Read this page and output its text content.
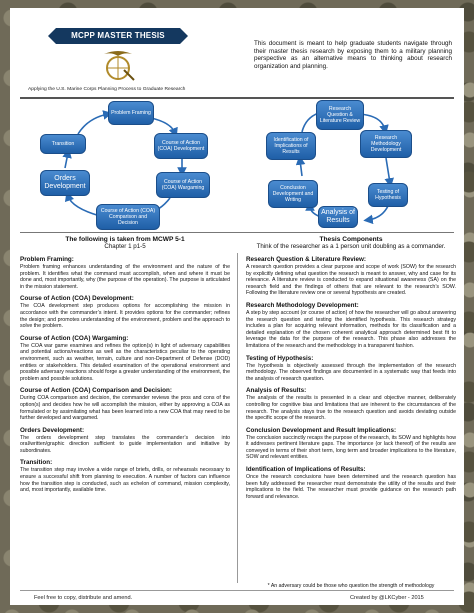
MCPP MASTER THESIS
Applying the U.S. Marine Corps Planning Process to Graduate Research
This document is meant to help graduate students navigate through their master thesis research by exposing them to a military planning perspective as an alternative means to thinking about research organization and planning.
Problem Framing
Course of Action (COA) Development
Course of Action (COA) Wargaming
Course of Action (COA) Comparison and Decision
Orders Development
Transition
Research Question & Literature Review
Research Methodology Development
Testing of Hypothesis
Analysis of Results
Conclusion Development and Writing
Identification of Implications of Results
The following is taken from MCWP 5-1
Chapter 1 p1-5
Thesis Components
Think of the researcher as a 1 person unit doubling as a commander.
Problem Framing:

Problem framing enhances understanding of the environment and the nature of the problem. It identifies what the command must accomplish, when and where it must be done and, most importantly, why (the purpose of the operation). The purpose is articulated in the mission statement.

Course of Action (COA) Development:

The COA development step produces options for accomplishing the mission in accordance with the commander’s intent. It provides options for the commander; refines the design; and promotes understanding of the environment, problem and the approach to solve the problem.

Course of Action (COA) Wargaming:

The COA war game examines and refines the option(s) in light of adversary capabilities and potential actions/reactions as well as the characteristics peculiar to the operating environment, such as weather, terrain, culture and non-Department of Defense (DOD) entities or stakeholders. This detailed examination of the operational environment and possible adversary reactions should forge a greater understanding of the environment, the problem and possible solutions.

Course of Action (COA) Comparison and Decision:

During COA comparison and decision, the commander reviews the pros and cons of the option(s) and decides how he will accomplish the mission, either by approving a COA as formulated or by assimilating what has been learned into a new COA that may need to be further developed and wargamed.

Orders Development:

The orders development step translates the commander’s decision into oral/written/graphic direction sufficient to guide implementation and initiative by subordinates.

Transition:

The transition step may involve a wide range of briefs, drills, or rehearsals necessary to ensure a successful shift from planning to execution. A number of factors can influence how the transition step is conducted, such as echelon of command, mission complexity, and, most importantly, available time.

Research Question & Literature Review:

A research question provides a clear purpose and scope of work (SOW) for the research by explicitly defining what question the research is meant to answer, why and case for its relevance. A literature review is conducted to expand situational awareness (SA) on the research field and the findings of others that are relevant to the research’s SOW. Following the literature review one or several hypothesis are created.

Research Methodology Development:

A step by step account (or course of action) of how the researcher will go about answering the research question and testing the identified hypothesis. This research strategy includes a plan for acquiring relevant information, methods for its classification and a detailed explanation of the chosen coherent analytical approach determined best fit to leverage the data for the purpose of the research. This phase also addresses the limitations of the research and the methodology in a transparent fashion.

Testing of Hypothesis:

The hypothesis is objectively assessed through the implementation of the research methodology. The observed findings are documented in a systematic way that feeds into the analysis of research question.

Analysis of Results:

The analysis of the results is presented in a clear and objective manner, deliberately controlling for cognitive bias and limitations that are inherent to the circumstances of the research. The analysis stays true to the research question and avoids deviating outside the specific scope of the research.

Conclusion Development and Result Implications:

The conclusion succinctly recaps the purpose of the research, its SOW and highlights how it addresses pertinent literature gaps. The importance (or lack thereof) of the results are conveyed in terms of their short term, long term and broader implications to the literature, SOW and relevant entities.

Identification of Implications of Results:

Once the research conclusions have been determined and the research question has been fully addressed the researcher must demonstrate the utility of the results and their implications to the field. The researcher must provide guidance on the research path forward and relevance.

* An adversary could be those who question the strength of methodology
Feel free to copy, distribute and amend.	Created by @LKCyber - 2015
